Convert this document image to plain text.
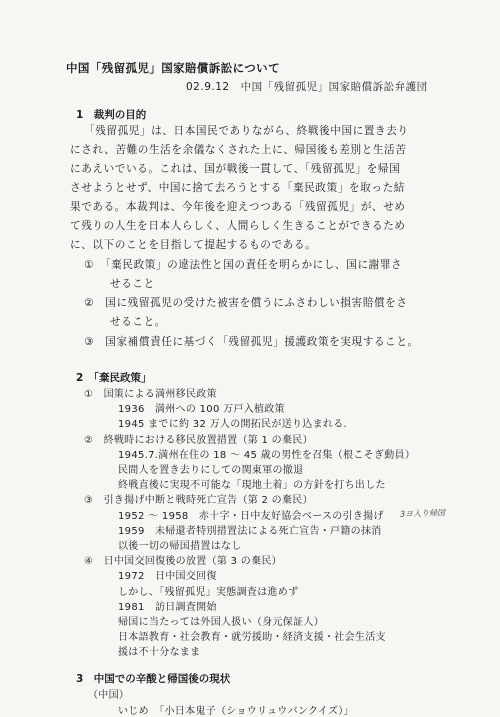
中国「残留孤児」国家賠償訴訟について
02.9.12　中国「残留孤児」国家賠償訴訟弁護団
1　裁判の目的
「残留孤児」は、日本国民でありながら、終戦後中国に置き去り
にされ、苦難の生活を余儀なくされた上に、帰国後も差別と生活苦
にあえいでいる。これは、国が戦後一貫して、「残留孤児」を帰国
させようとせず、中国に捨て去ろうとする「棄民政策」を取った結
果である。本裁判は、今年後を迎えつつある「残留孤児」が、せめ
て残りの人生を日本人らしく、人間らしく生きることができるため
に、以下のことを目指して提起するものである。
①　「棄民政策」の違法性と国の責任を明らかにし、国に謝罪さ
せること
②　国に残留孤児の受けた被害を償うにふさわしい損害賠償をさ
せること。
③　国家補償責任に基づく「残留孤児」援護政策を実現すること。
2　「棄民政策」
①　国策による満州移民政策
1936　満州への 100 万戸入植政策
1945 までに約 32 万人の開拓民が送り込まれる.
②　終戦時における移民放置措置（第 1 の棄民）
1945.7.満州在住の 18 ～ 45 歳の男性を召集（根こそぎ動員）
民間人を置き去りにしての関東軍の撤退
終戦直後に実現不可能な「現地土着」の方針を打ち出した
③　引き揚げ中断と戦時死亡宣告（第 2 の棄民）
1952 ～ 1958　赤十字・日中友好協会ベースの引き揚げ 3ヨ入り帰国
1959　未帰還者特別措置法による死亡宣告・戸籍の抹消
以後一切の帰国措置はなし
④　日中国交回復後の放置（第 3 の棄民）
1972　日中国交回復
しかし、「残留孤児」実態調査は進めず
1981　訪日調査開始
帰国に当たっては外国人扱い（身元保証人）
日本語教育・社会教育・就労援助・経済支援・社会生活支
援は不十分なまま
3　中国での辛酸と帰国後の現状
（中国）
いじめ　「小日本鬼子（ショウリュウバンクイズ）」
